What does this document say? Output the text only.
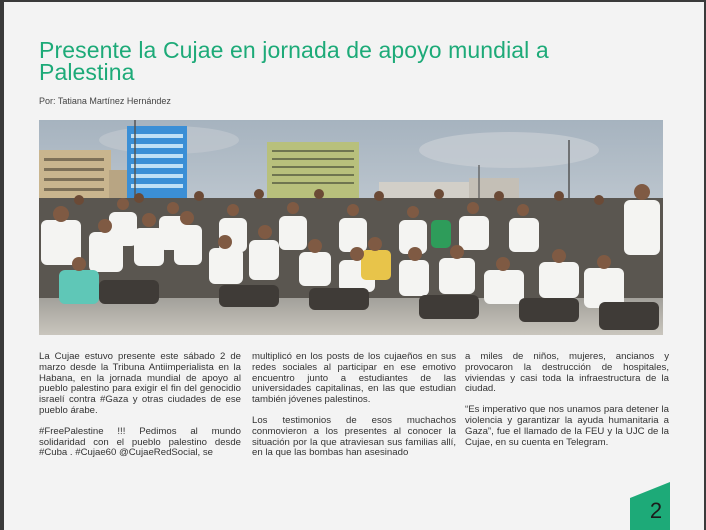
Presente la Cujae en jornada de apoyo mundial a Palestina
Por: Tatiana Martínez Hernández

La Cujae estuvo presente este sábado 2 de marzo desde la Tribuna Antiimperialista en la Habana, en la jornada mundial de apoyo al pueblo palestino para exigir el fin del genocidio israelí contra #Gaza y otras ciudades de ese pueblo árabe.

#FreePalestine !!! Pedimos al mundo solidaridad con el pueblo palestino desde #Cuba . #Cujae60 @CujaeRedSocial, se

multiplicó en los posts de los cujaeños en sus redes sociales al participar en ese emotivo encuentro junto a estudiantes de las universidades capitalinas, en las que estudian también jóvenes palestinos.

Los testimonios de esos muchachos conmovieron a los presentes al conocer la situación por la que atraviesan sus familias allí, en la que las bombas han asesinado

a miles de niños, mujeres, ancianos y provocaron la destrucción de hospitales, viviendas y casi toda la infraestructura de la ciudad.

“Es imperativo que nos unamos para detener la violencia y garantizar la ayuda humanitaria a Gaza”, fue el llamado de la FEU y la UJC de la Cujae, en su cuenta en Telegram.

2
